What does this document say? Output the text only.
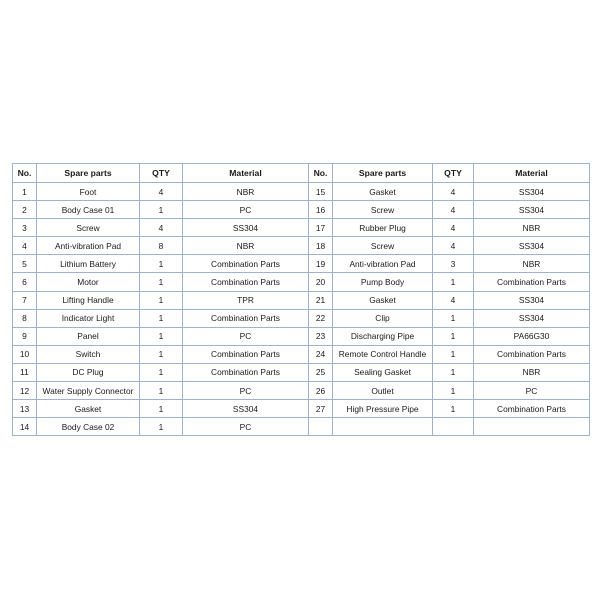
No.	Spare parts	QTY	Material	No.	Spare parts	QTY	Material
1	Foot	4	NBR	15	Gasket	4	SS304
2	Body Case 01	1	PC	16	Screw	4	SS304
3	Screw	4	SS304	17	Rubber Plug	4	NBR
4	Anti-vibration Pad	8	NBR	18	Screw	4	SS304
5	Lithium Battery	1	Combination Parts	19	Anti-vibration Pad	3	NBR
6	Motor	1	Combination Parts	20	Pump Body	1	Combination Parts
7	Lifting Handle	1	TPR	21	Gasket	4	SS304
8	Indicator Light	1	Combination Parts	22	Clip	1	SS304
9	Panel	1	PC	23	Discharging Pipe	1	PA66G30
10	Switch	1	Combination Parts	24	Remote Control Handle	1	Combination Parts
11	DC Plug	1	Combination Parts	25	Sealing Gasket	1	NBR
12	Water Supply Connector	1	PC	26	Outlet	1	PC
13	Gasket	1	SS304	27	High Pressure Pipe	1	Combination Parts
14	Body Case 02	1	PC				
